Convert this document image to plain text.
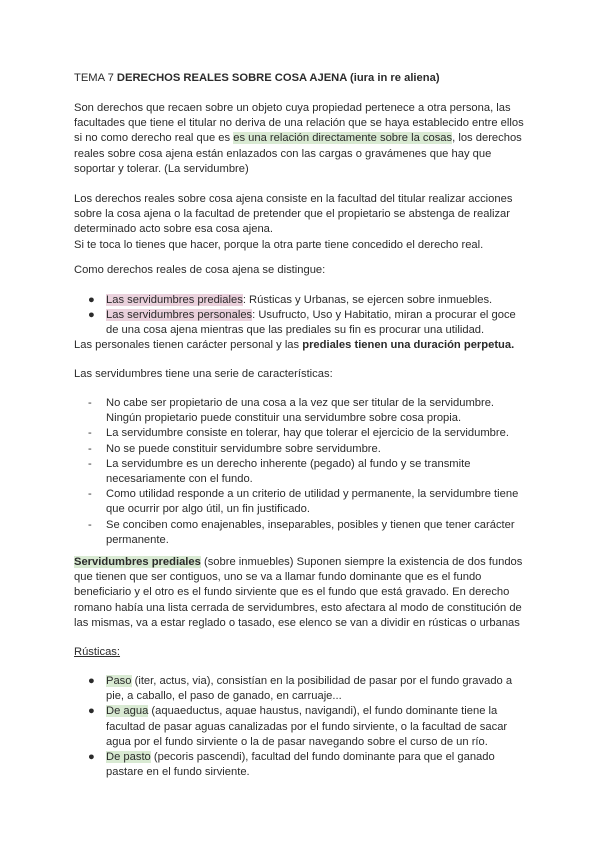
TEMA 7 DERECHOS REALES SOBRE COSA AJENA (iura in re aliena)

Son derechos que recaen sobre un objeto cuya propiedad pertenece a otra persona, las facultades que tiene el titular no deriva de una relación que se haya establecido entre ellos si no como derecho real que es es una relación directamente sobre la cosas, los derechos reales sobre cosa ajena están enlazados con las cargas o gravámenes que hay que soportar y tolerar. (La servidumbre)

Los derechos reales sobre cosa ajena consiste en la facultad del titular realizar acciones sobre la cosa ajena o la facultad de pretender que el propietario se abstenga de realizar determinado acto sobre esa cosa ajena.

Si te toca lo tienes que hacer, porque la otra parte tiene concedido el derecho real.

Como derechos reales de cosa ajena se distingue:

●	Las servidumbres prediales: Rústicas y Urbanas, se ejercen sobre inmuebles.
●	Las servidumbres personales: Usufructo, Uso y Habitatio, miran a procurar el goce de una cosa ajena mientras que las prediales su fin es procurar una utilidad.

Las personales tienen carácter personal y las prediales tienen una duración perpetua.

Las servidumbres tiene una serie de características:

-	No cabe ser propietario de una cosa a la vez que ser titular de la servidumbre. Ningún propietario puede constituir una servidumbre sobre cosa propia.
-	La servidumbre consiste en tolerar, hay que tolerar el ejercicio de la servidumbre.
-	No se puede constituir servidumbre sobre servidumbre.
-	La servidumbre es un derecho inherente (pegado) al fundo y se transmite necesariamente con el fundo.
-	Como utilidad responde a un criterio de utilidad y permanente, la servidumbre tiene que ocurrir por algo útil, un fin justificado.
-	Se conciben como enajenables, inseparables, posibles y tienen que tener carácter permanente.

Servidumbres prediales (sobre inmuebles) Suponen siempre la existencia de dos fundos que tienen que ser contiguos, uno se va a llamar fundo dominante que es el fundo beneficiario y el otro es el fundo sirviente que es el fundo que está gravado. En derecho romano había una lista cerrada de servidumbres, esto afectara al modo de constitución de las mismas, va a estar reglado o tasado, ese elenco se van a dividir en rústicas o urbanas

Rústicas:

●	Paso (iter, actus, via), consistían en la posibilidad de pasar por el fundo gravado a pie, a caballo, el paso de ganado, en carruaje...
●	De agua (aquaeductus, aquae haustus, navigandi), el fundo dominante tiene la facultad de pasar aguas canalizadas por el fundo sirviente, o la facultad de sacar agua por el fundo sirviente o la de pasar navegando sobre el curso de un río.
●	De pasto (pecoris pascendi), facultad del fundo dominante para que el ganado pastare en el fundo sirviente.
